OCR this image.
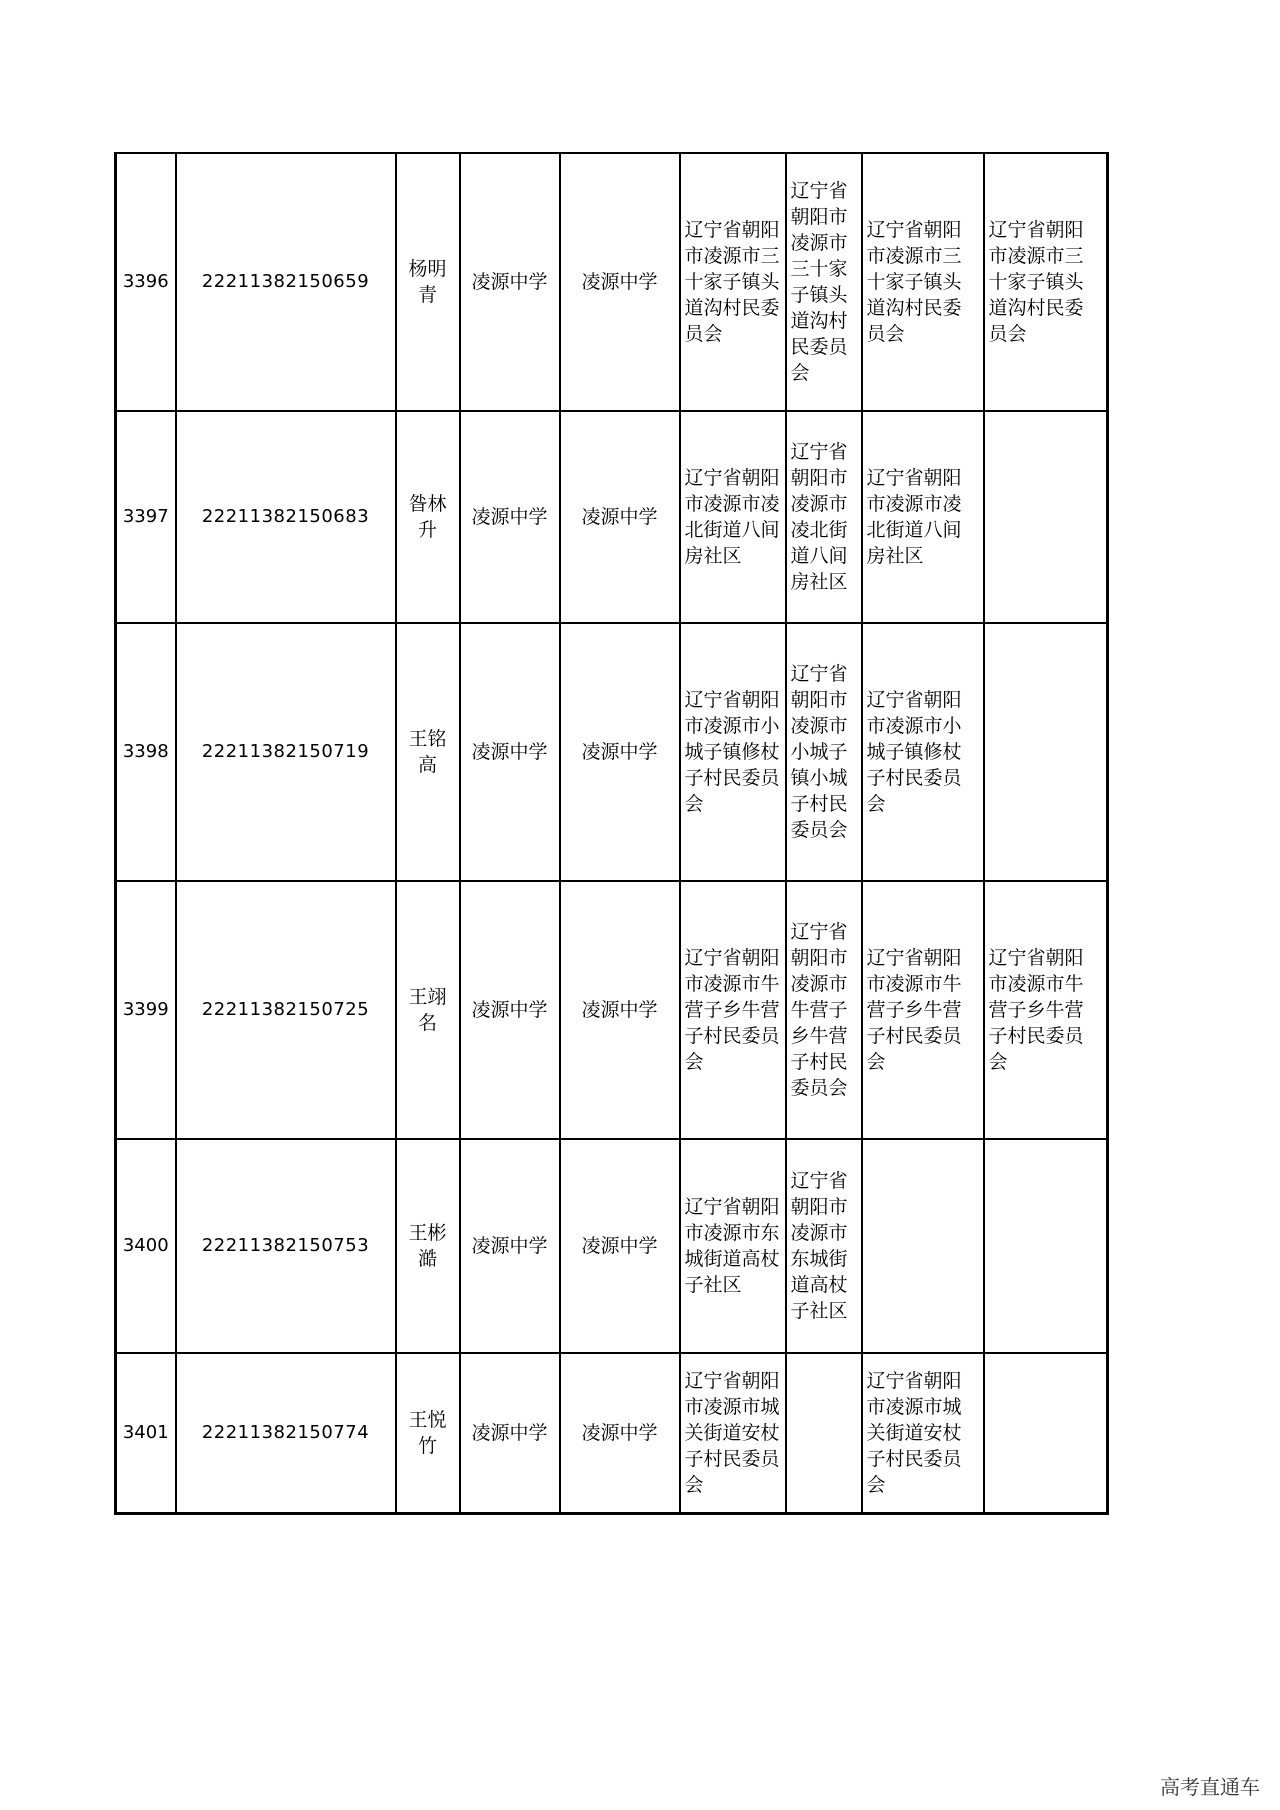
3396	22211382150659	杨明青	凌源中学	凌源中学	辽宁省朝阳市凌源市三十家子镇头道沟村民委员会	辽宁省朝阳市凌源市三十家子镇头道沟村民委员会	辽宁省朝阳市凌源市三十家子镇头道沟村民委员会	辽宁省朝阳市凌源市三十家子镇头道沟村民委员会
3397	22211382150683	昝林升	凌源中学	凌源中学	辽宁省朝阳市凌源市凌北街道八间房社区	辽宁省朝阳市凌源市凌北街道八间房社区	辽宁省朝阳市凌源市凌北街道八间房社区	
3398	22211382150719	王铭高	凌源中学	凌源中学	辽宁省朝阳市凌源市小城子镇修杖子村民委员会	辽宁省朝阳市凌源市小城子镇小城子村民委员会	辽宁省朝阳市凌源市小城子镇修杖子村民委员会	
3399	22211382150725	王翊名	凌源中学	凌源中学	辽宁省朝阳市凌源市牛营子乡牛营子村民委员会	辽宁省朝阳市凌源市牛营子乡牛营子村民委员会	辽宁省朝阳市凌源市牛营子乡牛营子村民委员会	辽宁省朝阳市凌源市牛营子乡牛营子村民委员会
3400	22211382150753	王彬澔	凌源中学	凌源中学	辽宁省朝阳市凌源市东城街道高杖子社区	辽宁省朝阳市凌源市东城街道高杖子社区		
3401	22211382150774	王悦竹	凌源中学	凌源中学	辽宁省朝阳市凌源市城关街道安杖子村民委员会		辽宁省朝阳市凌源市城关街道安杖子村民委员会	
高考直通车
